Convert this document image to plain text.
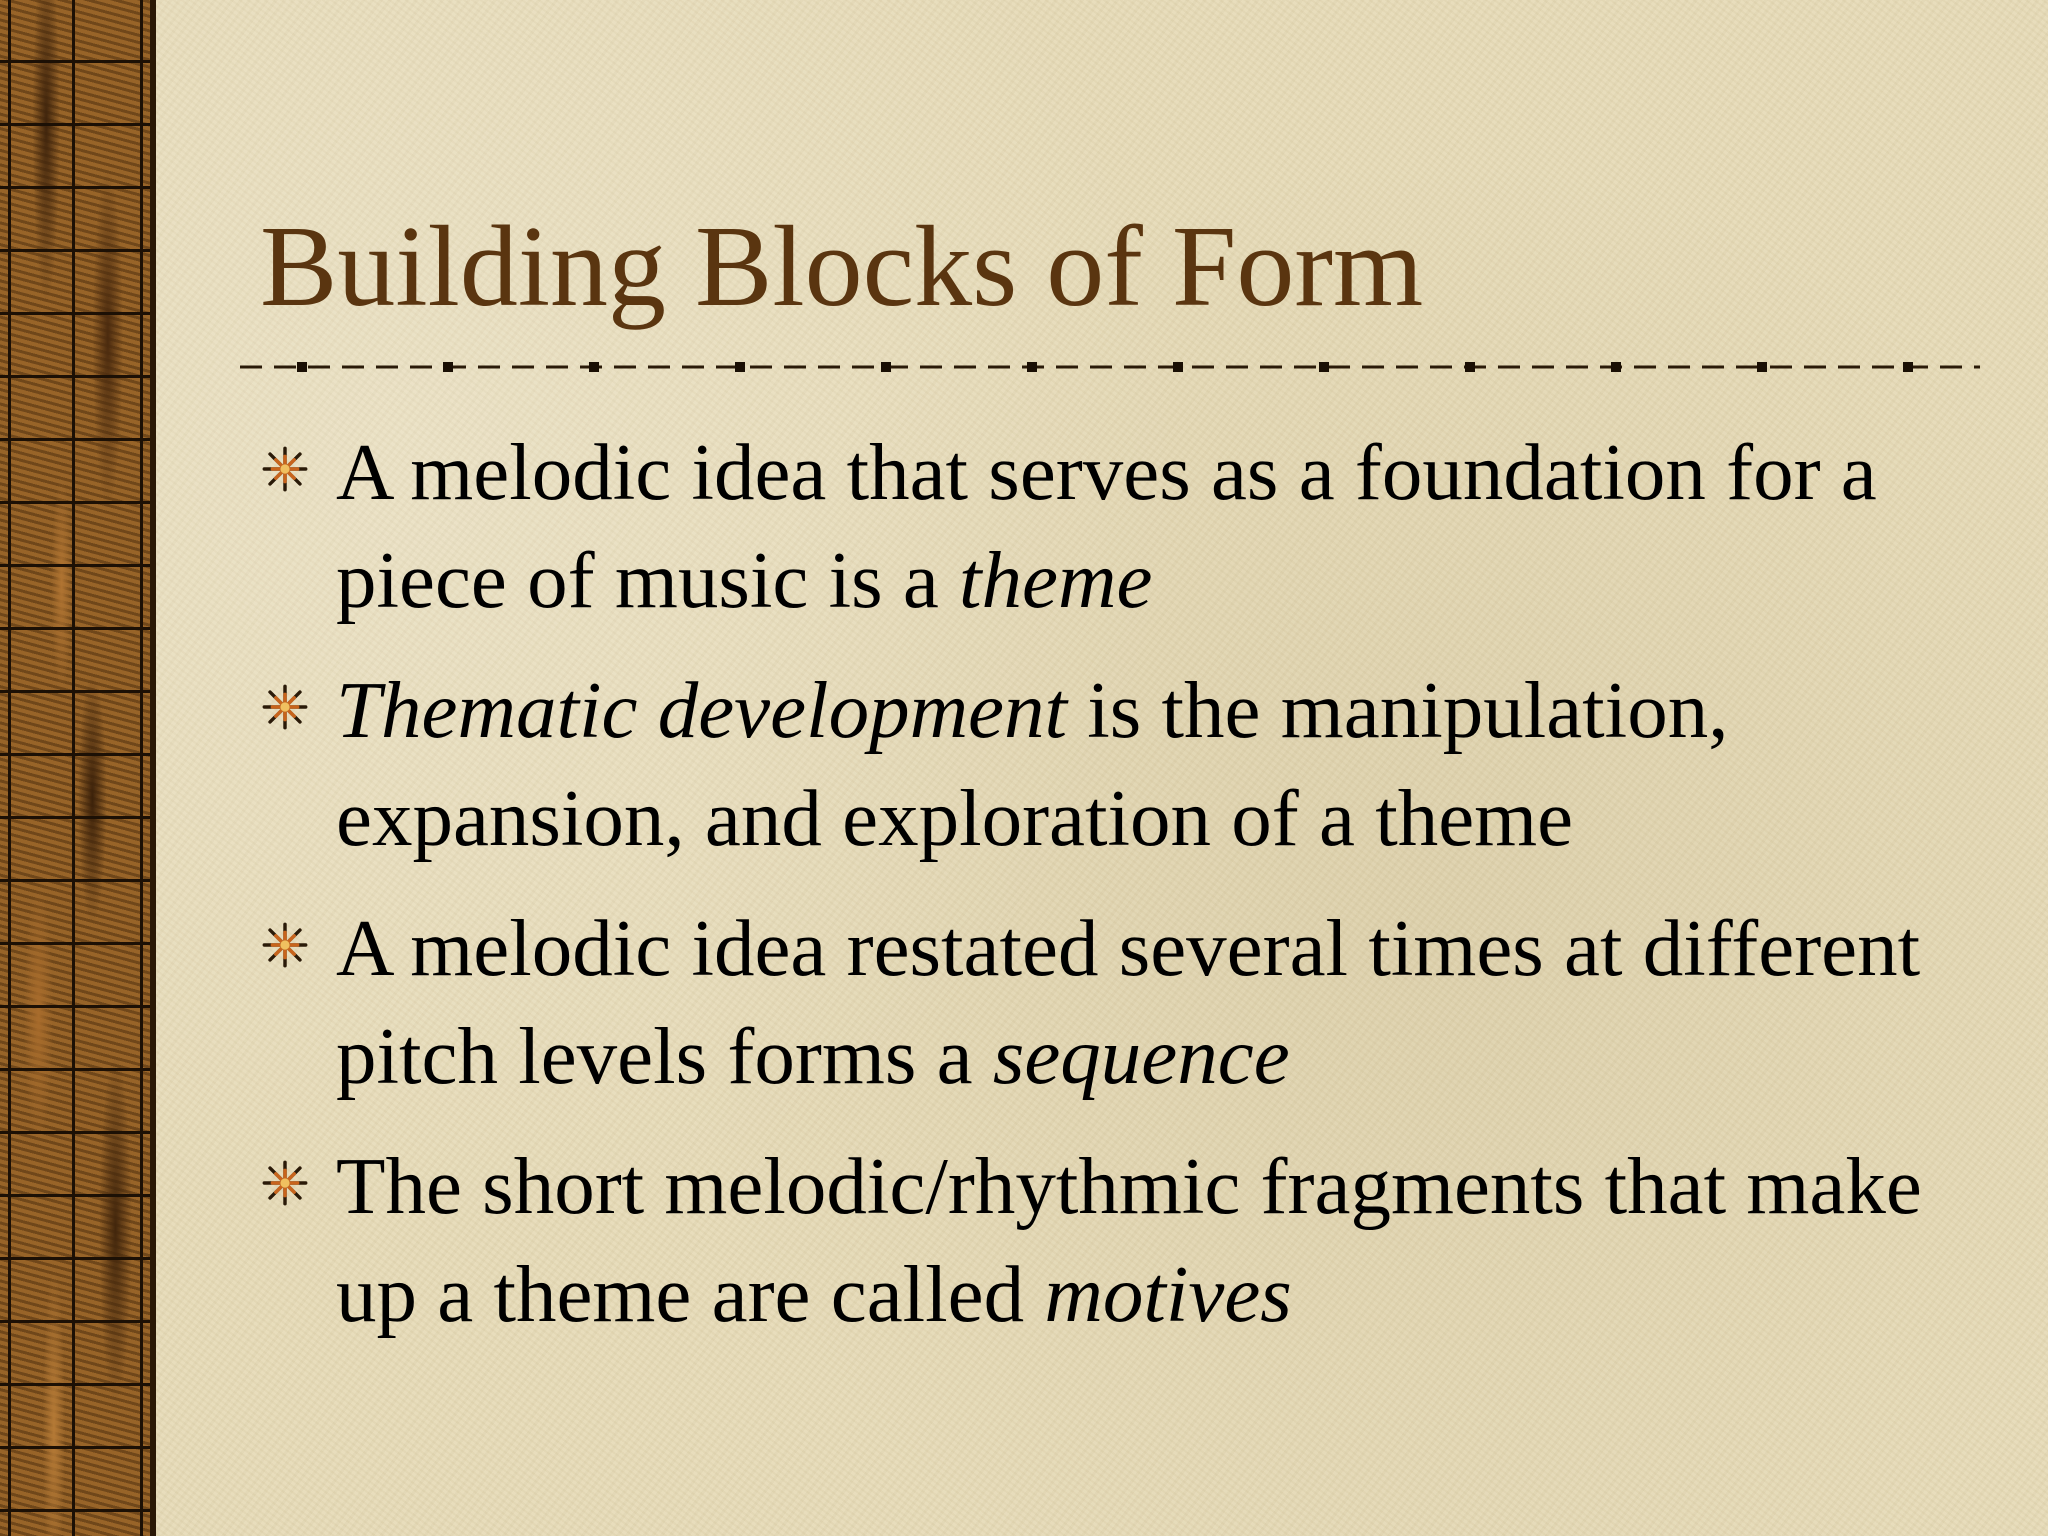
Building Blocks of Form
A melodic idea that serves as a foundation for a piece of music is a theme
Thematic development is the manipulation, expansion, and exploration of a theme
A melodic idea restated several times at different pitch levels forms a sequence
The short melodic/rhythmic fragments that make up a theme are called motives
